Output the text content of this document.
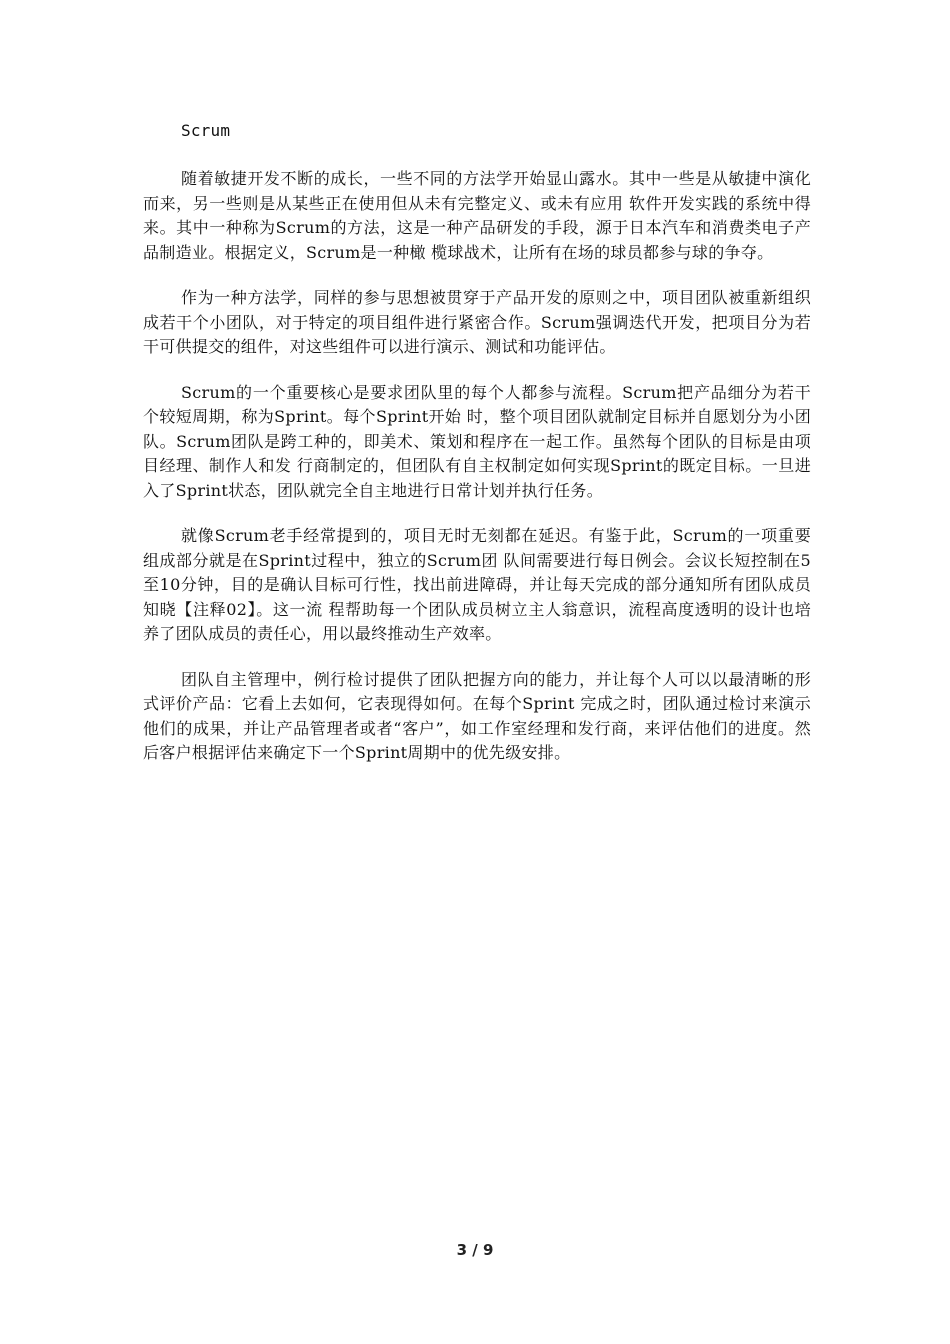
Scrum

随着敏捷开发不断的成长，一些不同的方法学开始显山露水。其中一些是从敏捷中演化而来，另一些则是从某些正在使用但从未有完整定义、或未有应用 软件开发实践的系统中得来。其中一种称为Scrum的方法，这是一种产品研发的手段，源于日本汽车和消费类电子产品制造业。根据定义，Scrum是一种橄 榄球战术，让所有在场的球员都参与球的争夺。

作为一种方法学，同样的参与思想被贯穿于产品开发的原则之中，项目团队被重新组织成若干个小团队，对于特定的项目组件进行紧密合作。Scrum强调迭代开发，把项目分为若干可供提交的组件，对这些组件可以进行演示、测试和功能评估。

Scrum的一个重要核心是要求团队里的每个人都参与流程。Scrum把产品细分为若干个较短周期，称为Sprint。每个Sprint开始 时，整个项目团队就制定目标并自愿划分为小团队。Scrum团队是跨工种的，即美术、策划和程序在一起工作。虽然每个团队的目标是由项目经理、制作人和发 行商制定的，但团队有自主权制定如何实现Sprint的既定目标。一旦进入了Sprint状态，团队就完全自主地进行日常计划并执行任务。

就像Scrum老手经常提到的，项目无时无刻都在延迟。有鉴于此，Scrum的一项重要组成部分就是在Sprint过程中，独立的Scrum团 队间需要进行每日例会。会议长短控制在5至10分钟，目的是确认目标可行性，找出前进障碍，并让每天完成的部分通知所有团队成员知晓【注释02】。这一流 程帮助每一个团队成员树立主人翁意识，流程高度透明的设计也培养了团队成员的责任心，用以最终推动生产效率。

团队自主管理中，例行检讨提供了团队把握方向的能力，并让每个人可以以最清晰的形式评价产品：它看上去如何，它表现得如何。在每个Sprint 完成之时，团队通过检讨来演示他们的成果，并让产品管理者或者“客户”，如工作室经理和发行商，来评估他们的进度。然后客户根据评估来确定下一个Sprint周期中的优先级安排。

3 / 9
